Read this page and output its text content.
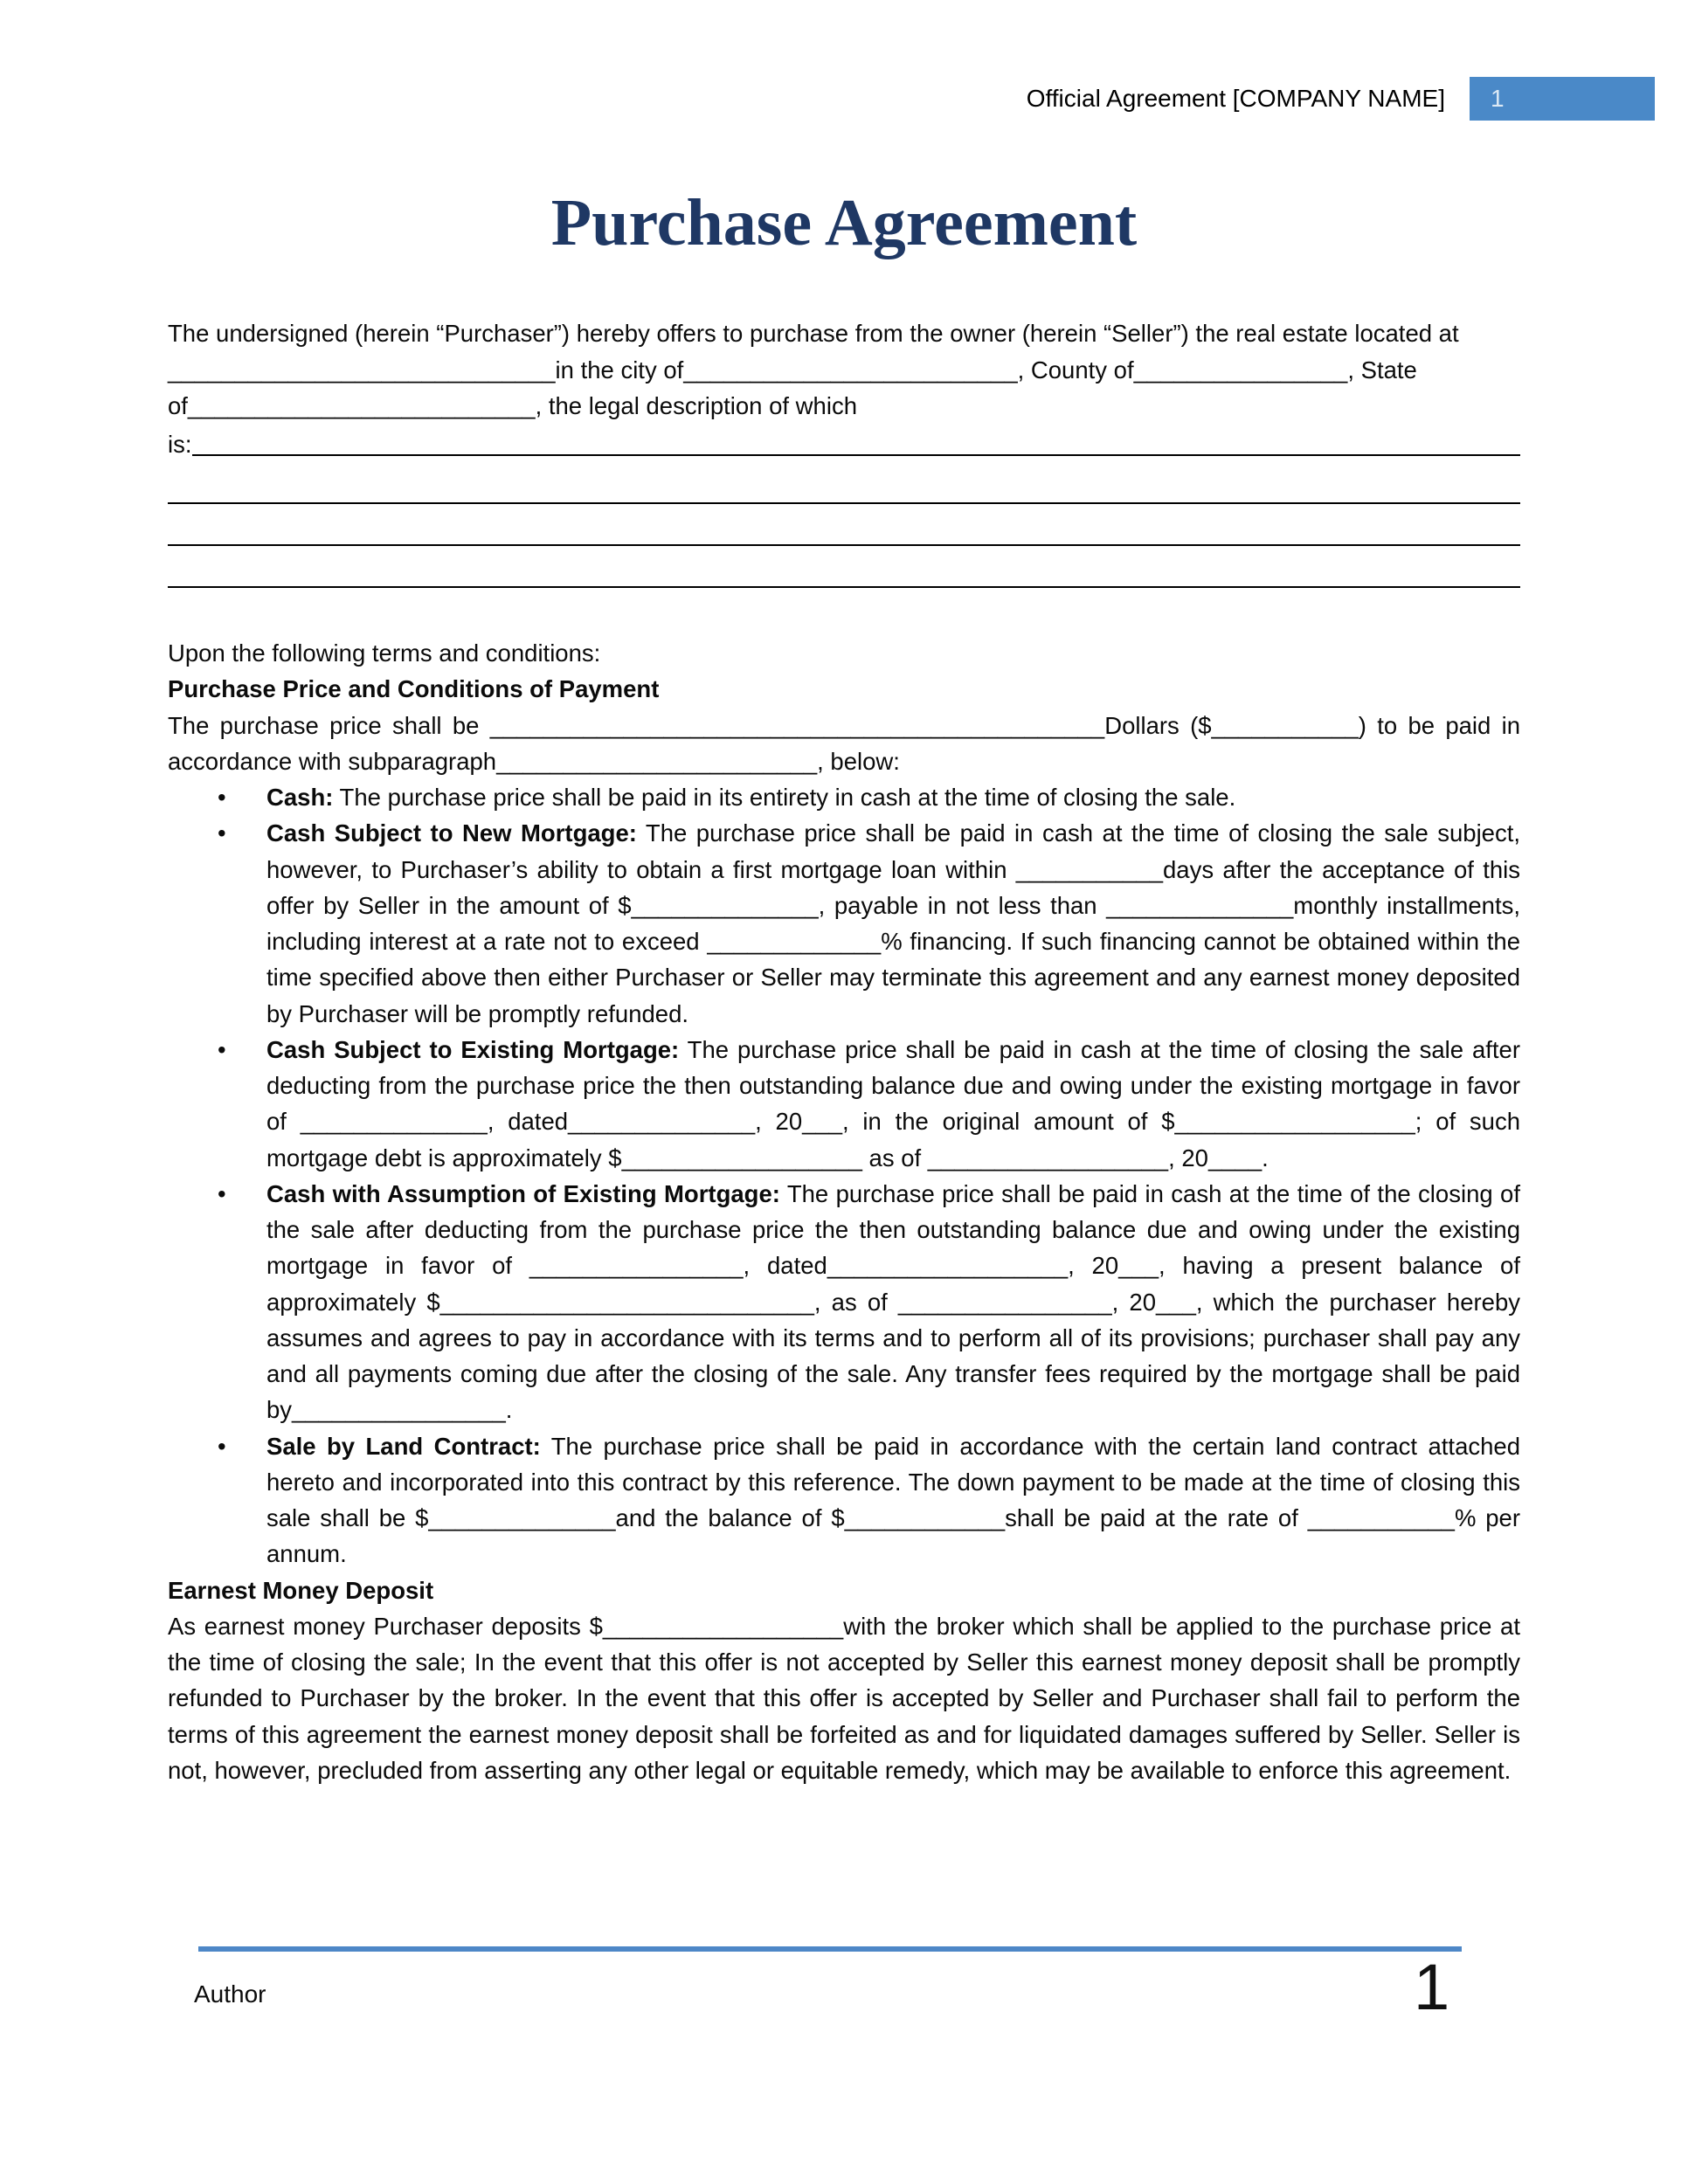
Official Agreement [COMPANY NAME]	1
Purchase Agreement

The undersigned (herein “Purchaser”) hereby offers to purchase from the owner (herein “Seller”) the real estate located at _____________________________in the city of_________________________, County of________________, State of__________________________, the legal description of which

is:

Upon the following terms and conditions:

Purchase Price and Conditions of Payment

The purchase price shall be ______________________________________________Dollars ($___________) to be paid in accordance with subparagraph________________________, below:

•	Cash: The purchase price shall be paid in its entirety in cash at the time of closing the sale.

•	Cash Subject to New Mortgage: The purchase price shall be paid in cash at the time of closing the sale subject, however, to Purchaser’s ability to obtain a first mortgage loan within ___________days after the acceptance of this offer by Seller in the amount of $______________, payable in not less than ______________monthly installments, including interest at a rate not to exceed _____________% financing. If such financing cannot be obtained within the time specified above then either Purchaser or Seller may terminate this agreement and any earnest money deposited by Purchaser will be promptly refunded.

•	Cash Subject to Existing Mortgage: The purchase price shall be paid in cash at the time of closing the sale after deducting from the purchase price the then outstanding balance due and owing under the existing mortgage in favor of ______________, dated______________, 20___, in the original amount of $__________________; of such mortgage debt is approximately $__________________ as of __________________, 20____.

•	Cash with Assumption of Existing Mortgage: The purchase price shall be paid in cash at the time of the closing of the sale after deducting from the purchase price the then outstanding balance due and owing under the existing mortgage in favor of ________________, dated__________________, 20___, having a present balance of approximately $____________________________, as of ________________, 20___, which the purchaser hereby assumes and agrees to pay in accordance with its terms and to perform all of its provisions; purchaser shall pay any and all payments coming due after the closing of the sale. Any transfer fees required by the mortgage shall be paid by________________.

•	Sale by Land Contract: The purchase price shall be paid in accordance with the certain land contract attached hereto and incorporated into this contract by this reference. The down payment to be made at the time of closing this sale shall be $______________and the balance of $____________shall be paid at the rate of ___________% per annum.

Earnest Money Deposit

As earnest money Purchaser deposits $__________________with the broker which shall be applied to the purchase price at the time of closing the sale; In the event that this offer is not accepted by Seller this earnest money deposit shall be promptly refunded to Purchaser by the broker. In the event that this offer is accepted by Seller and Purchaser shall fail to perform the terms of this agreement the earnest money deposit shall be forfeited as and for liquidated damages suffered by Seller. Seller is not, however, precluded from asserting any other legal or equitable remedy, which may be available to enforce this agreement.

Author	1
